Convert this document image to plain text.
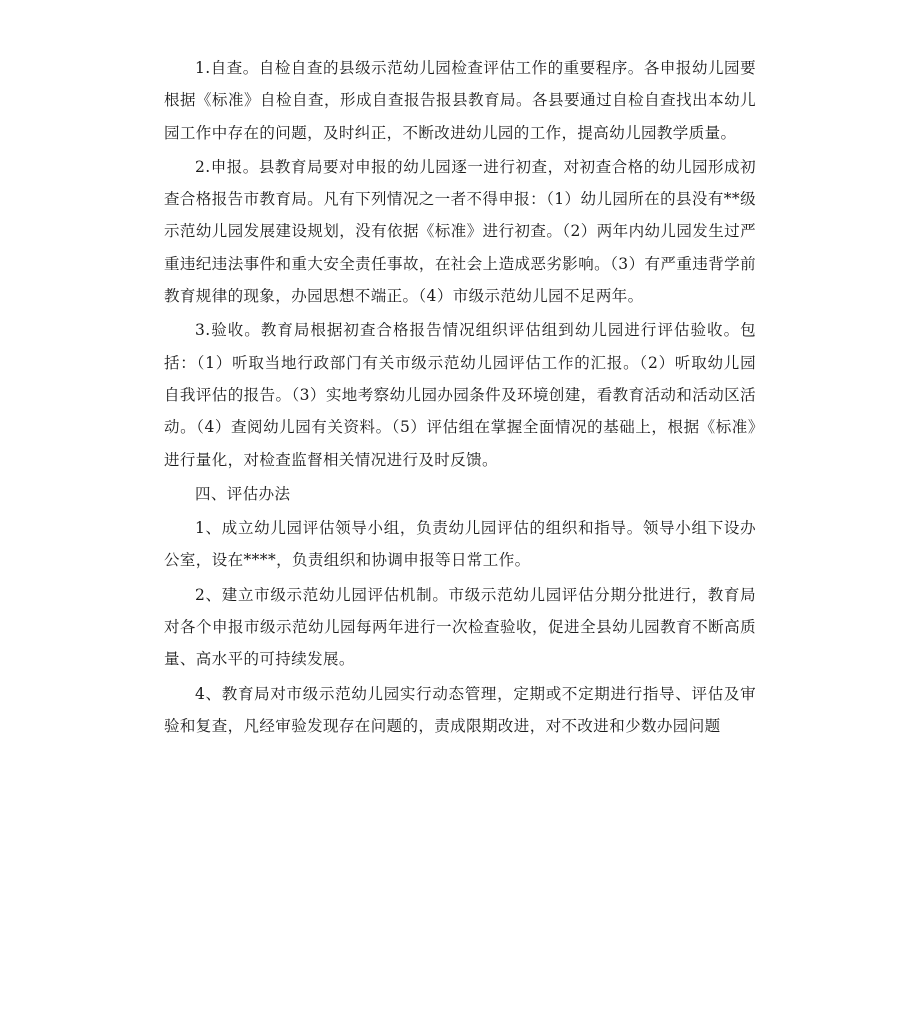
1.自查。自检自查的县级示范幼儿园检查评估工作的重要程序。各申报幼儿园要根据《标准》自检自查，形成自查报告报县教育局。各县要通过自检自查找出本幼儿园工作中存在的问题，及时纠正，不断改进幼儿园的工作，提高幼儿园教学质量。

2.申报。县教育局要对申报的幼儿园逐一进行初查，对初查合格的幼儿园形成初查合格报告市教育局。凡有下列情况之一者不得申报：（1）幼儿园所在的县没有**级示范幼儿园发展建设规划，没有依据《标准》进行初查。（2）两年内幼儿园发生过严重违纪违法事件和重大安全责任事故，在社会上造成恶劣影响。（3）有严重违背学前教育规律的现象，办园思想不端正。（4）市级示范幼儿园不足两年。

3.验收。教育局根据初查合格报告情况组织评估组到幼儿园进行评估验收。包括：（1）听取当地行政部门有关市级示范幼儿园评估工作的汇报。（2）听取幼儿园自我评估的报告。（3）实地考察幼儿园办园条件及环境创建，看教育活动和活动区活动。（4）查阅幼儿园有关资料。（5）评估组在掌握全面情况的基础上，根据《标准》进行量化，对检查监督相关情况进行及时反馈。

四、评估办法

1、成立幼儿园评估领导小组，负责幼儿园评估的组织和指导。领导小组下设办公室，设在****，负责组织和协调申报等日常工作。

2、建立市级示范幼儿园评估机制。市级示范幼儿园评估分期分批进行，教育局对各个申报市级示范幼儿园每两年进行一次检查验收，促进全县幼儿园教育不断高质量、高水平的可持续发展。

4、教育局对市级示范幼儿园实行动态管理，定期或不定期进行指导、评估及审验和复查，凡经审验发现存在问题的，责成限期改进，对不改进和少数办园问题
